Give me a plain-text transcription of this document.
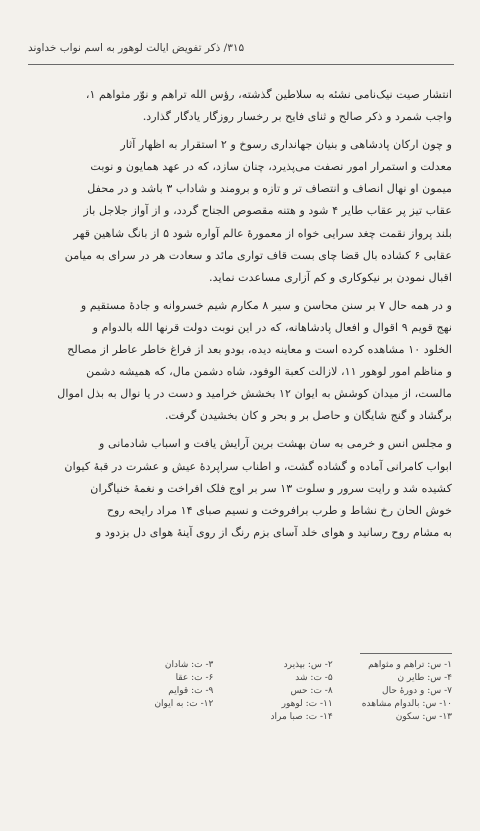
۳۱۵/ ذکر تفویض ایالت لوهور به اسم نواب خداوند

انتشار صیت نیک‌نامی نشئه به سلاطین گذشته، رؤس الله تراهم و نوّر مثواهم ۱،
واجب شمرد و ذکر صالح و ثنای فایح بر رخسار روزگار یادگار گذارد.

و چون ارکان پادشاهی و بنیان جهانداری رسوخ و ۲ استقرار به اظهار آثار
معدلت و استمرار امور نصفت می‌پذیرد، چنان سازد، که در عهد همایون و نوبت
میمون او نهال انصاف و انتصاف تر و تازه و برومند و شاداب ۳ باشد و در محفل
عقاب تیز پر عقاب طایر ۴ شود و هتنه مقصوص الجناح گردد، و از آواز جلاجل باز
بلند پرواز نقمت چغد سرایی خواه از معمورهٔ عالم آواره شود ۵ از بانگ شاهین قهر
عقابی ۶ کشاده بال قضا چای بست قاف تواری مائد و سعادت هر در سرای به میامن
اقبال نمودن بر نیکوکاری و کم آزاری مساعدت نماید.

و در همه حال ۷ بر سنن محاسن و سیر ۸ مکارم شیم خسروانه و جادهٔ مستقیم و
نهج قویم ۹ اقوال و افعال پادشاهانه، که در این نوبت دولت قرنها الله بالدوام و
الخلود ۱۰ مشاهده کرده است و معاینه دیده، بودو بعد از فراغ خاطر عاطر از مصالح
و مناظم امور لوهور ۱۱، لازالت کعبة الوفود، شاه دشمن مال، که همیشه دشمن
مالست، از میدان کوشش به ایوان ۱۲ بخشش خرامید و دست در یا نوال به بذل اموال
برگشاد و گنج شایگان و حاصل بر و بحر و کان بخشیدن گرفت.

و مجلس انس و خرمی به سان بهشت برین آرایش یافت و اسباب شادمانی و
ابواب کامرانی آماده و گشاده گشت، و اطناب سراپردهٔ عیش و عشرت در قبهٔ کیوان
کشیده شد و رایت سرور و سلوت ۱۳ سر بر اوج فلک افراخت و نغمهٔ خنیاگران
خوش الحان رخ نشاط و طرب برافروخت و نسیم صبای ۱۴ مراد رایحه روح
به مشام روح رسانید و هوای خلد آسای بزم رنگ از روی آینهٔ هوای دل بزدود و

۱- س: تراهم و مثواهم
۲- س: بپذیرد
۳- ت: شادان
۴- س: طایر ن
۵- ت: شد
۶- ت: عقا
۷- س: و دورهٔ حال
۸- ت: حس
۹- ت: قوایم
۱۰- س: بالدوام مشاهده
۱۱- ت: لوهور
۱۲- ت: به ایوان
۱۳- س: سکون
۱۴- ت: صبا مراد
